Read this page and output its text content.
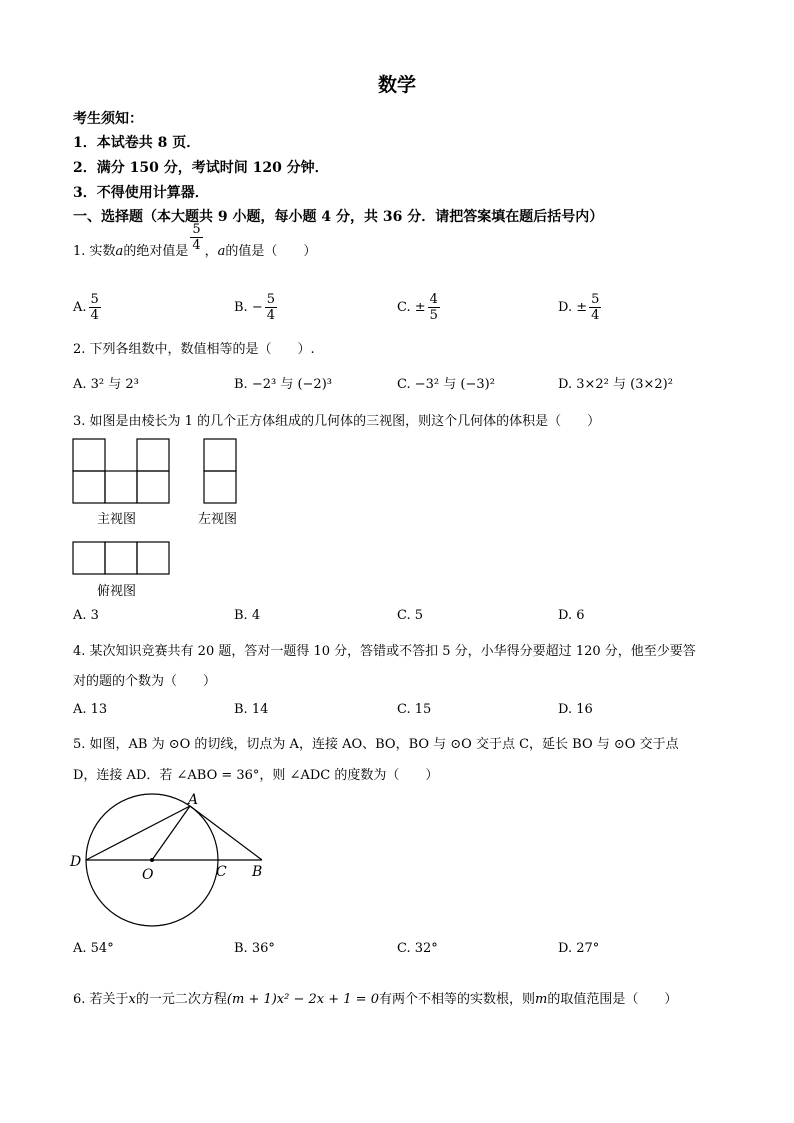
数学
考生须知：
1．本试卷共 8 页．
2．满分 150 分，考试时间 120 分钟．
3．不得使用计算器．
一、选择题（本大题共 9 小题，每小题 4 分，共 36 分．请把答案填在题后括号内）
1. 实数a的绝对值是 $\frac{5}{4}$ ，a的值是（　　）
A. $\frac{5}{4}$	B. − $\frac{5}{4}$	C. ± $\frac{4}{5}$	D. ± $\frac{5}{4}$
2. 下列各组数中，数值相等的是（　　）.
A. 3² 与 2³	B. −2³ 与 (−2)³	C. −3² 与 (−3)²	D. 3×2² 与 (3×2)²
3. 如图是由棱长为 1 的几个正方体组成的几何体的三视图，则这个几何体的体积是（　　）
主视图	左视图
俯视图
A. 3	B. 4	C. 5	D. 6
4. 某次知识竞赛共有 20 题，答对一题得 10 分，答错或不答扣 5 分，小华得分要超过 120 分，他至少要答
对的题的个数为（　　）
A. 13	B. 14	C. 15	D. 16
5. 如图，AB 为 ⊙O 的切线，切点为 A，连接 AO、BO，BO 与 ⊙O 交于点 C，延长 BO 与 ⊙O 交于点
D，连接 AD．若 ∠ABO = 36°，则 ∠ADC 的度数为（　　）
A
D
O	C B
A. 54°	B. 36°	C. 32°	D. 27°
6. 若关于x的一元二次方程(m + 1)x² − 2x + 1 = 0有两个不相等的实数根，则m的取值范围是（　　）
